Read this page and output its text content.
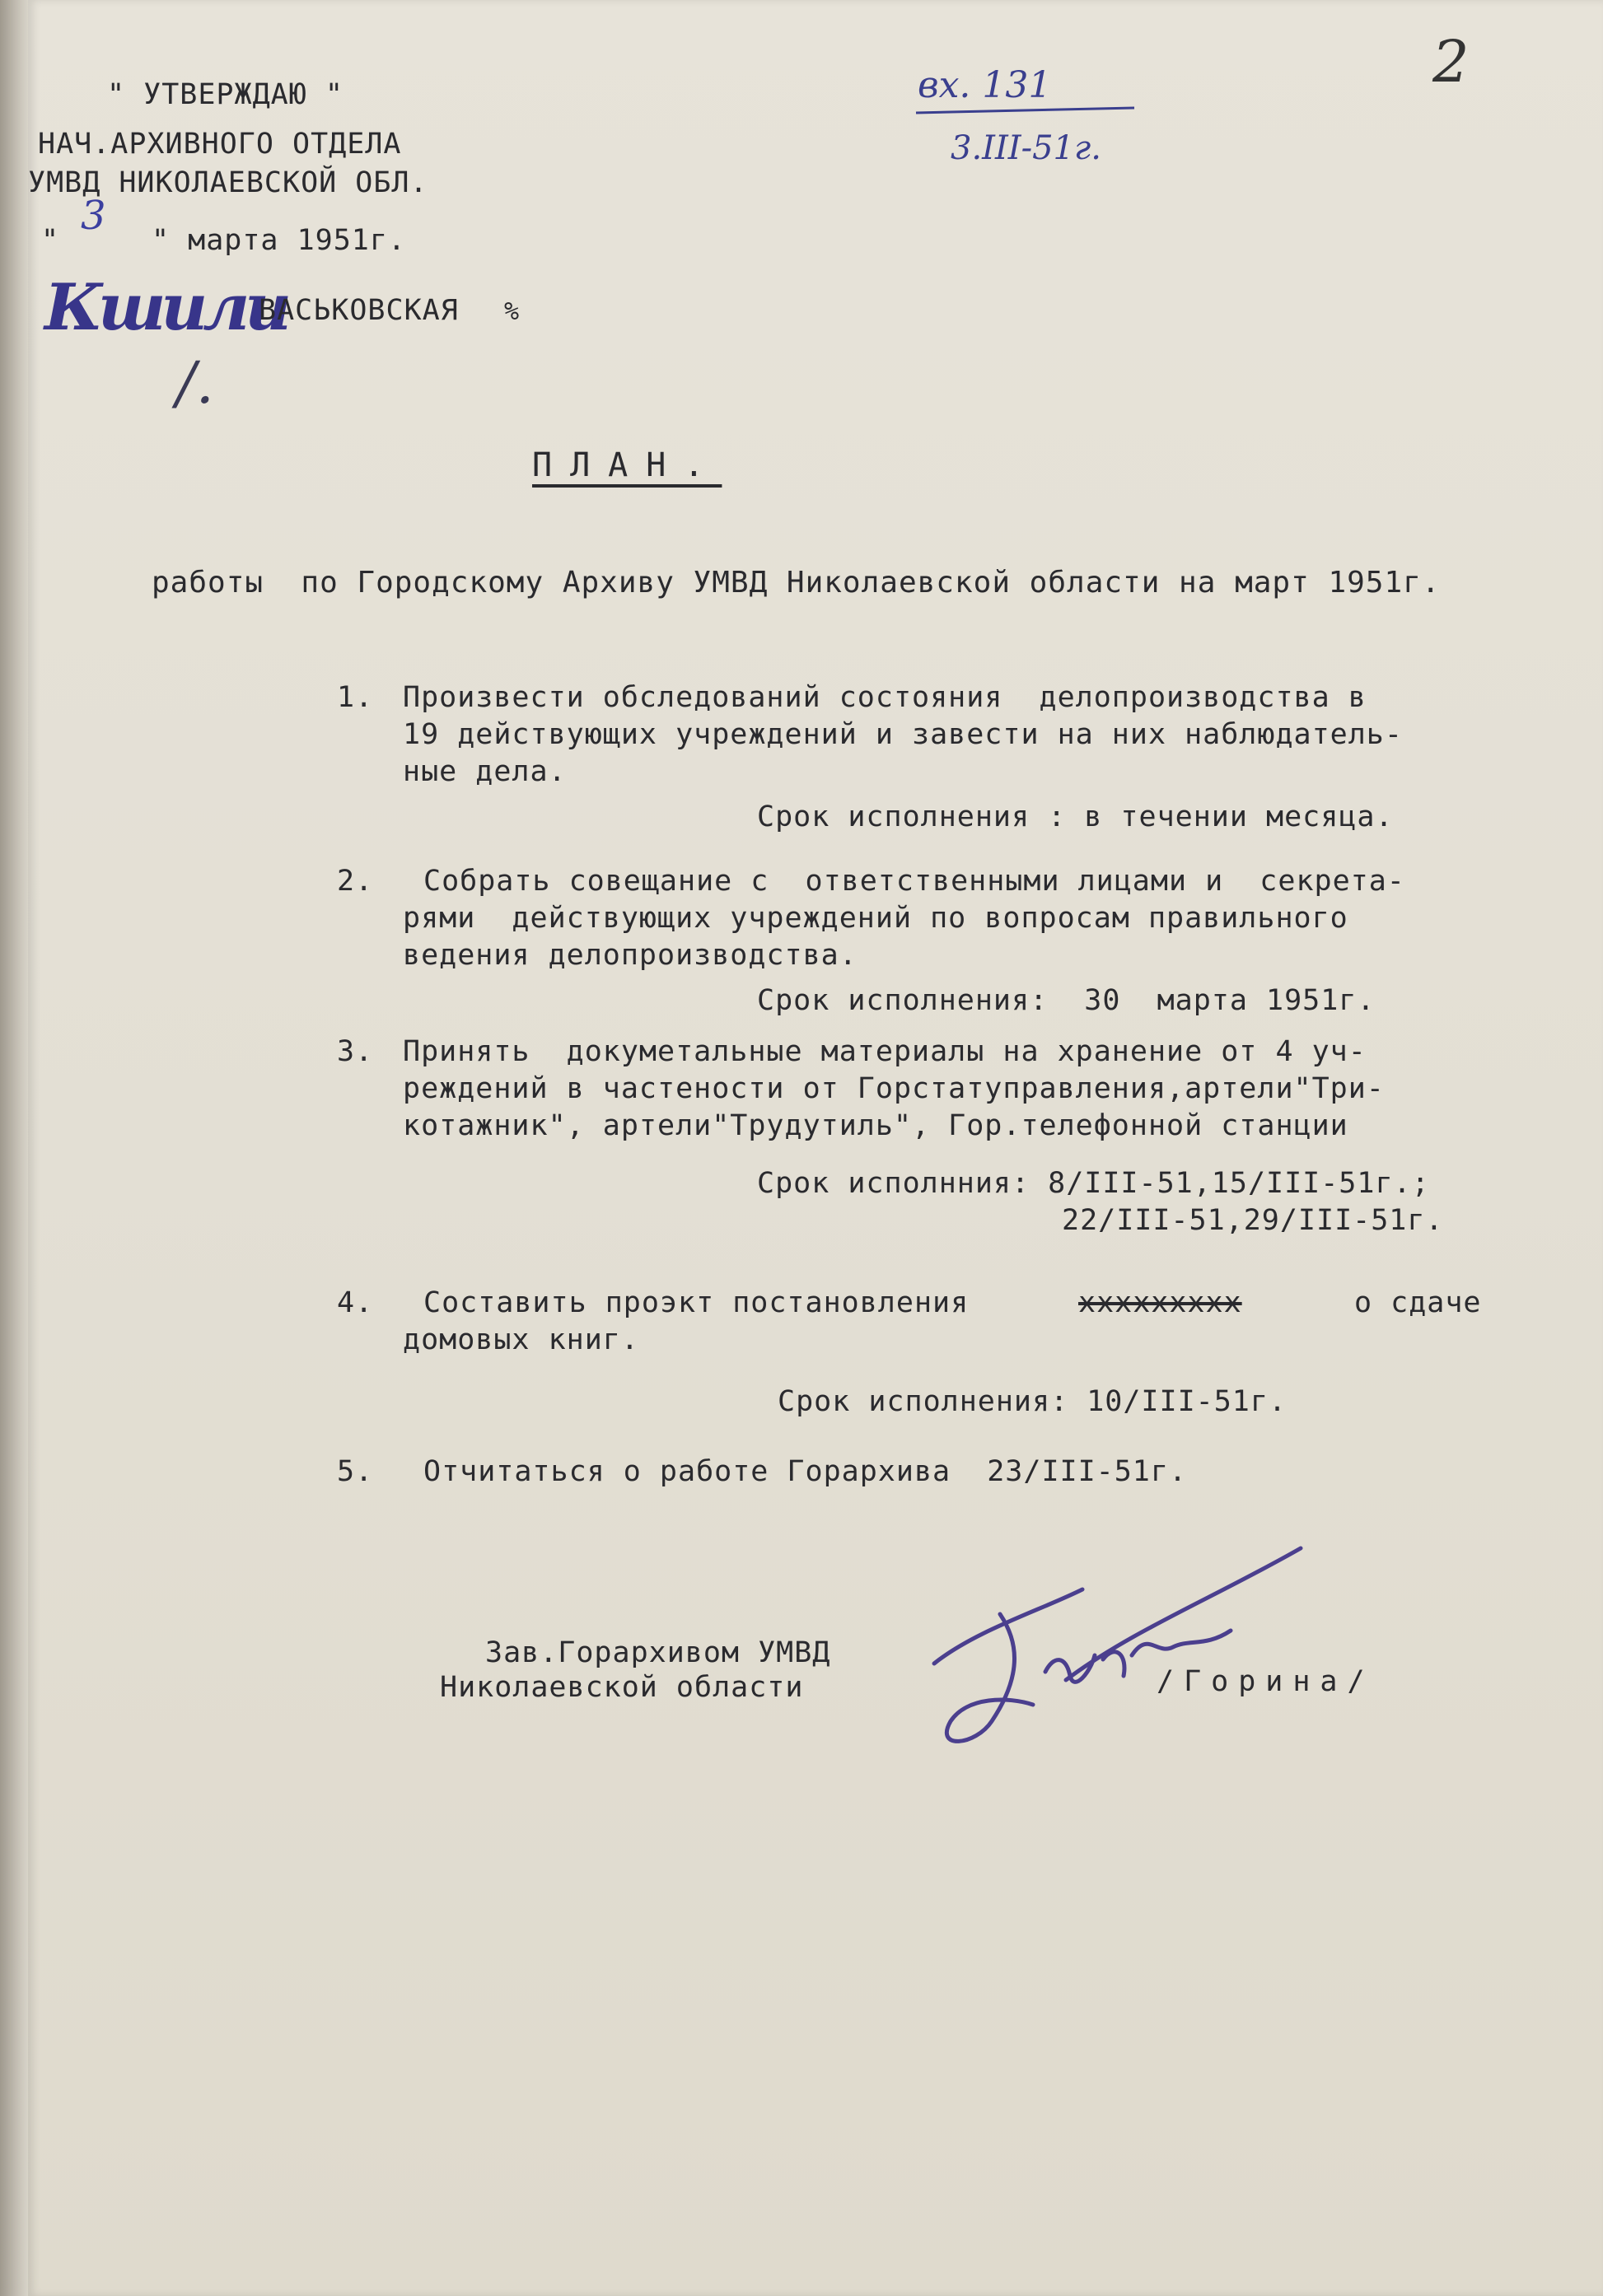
" УТВЕРЖДАЮ "
НАЧ.АРХИВНОГО ОТДЕЛА
УМВД НИКОЛАЕВСКОЙ ОБЛ.
"
3
" марта 1951г.
Кшили
ВАСЬКОВСКАЯ %
/.
вх. 131
3.III-51г.
2
ПЛАН.
работы  по Городскому Архиву УМВД Николаевской области на март 1951г.
1. Произвести обследований состояния  делопроизводства в
19 действующих учреждений и завести на них наблюдатель-
ные дела.
Срок исполнения : в течении месяца.
2. Собрать совещание с  ответственными лицами и  секрета-
рями  действующих учреждений по вопросам правильного
ведения делопроизводства.
Срок исполнения:  30  марта 1951г.
3. Принять  докумeтальные материалы на хранение от 4 уч-
реждений в частености от Горстатуправления,артели"Три-
котажник", артели"Трудутиль", Гор.телефонной станции
Срок исполнния: 8/III-51,15/III-51г.;
22/III-51,29/III-51г.
4. Составить проэкт постановления	ххххххххх	о сдаче
домовых книг.
Срок исполнения: 10/III-51г.
5. Отчитаться о работе Горархива  23/III-51г.
Зав.Горархивом УМВД
Николаевской области	/Горина/
